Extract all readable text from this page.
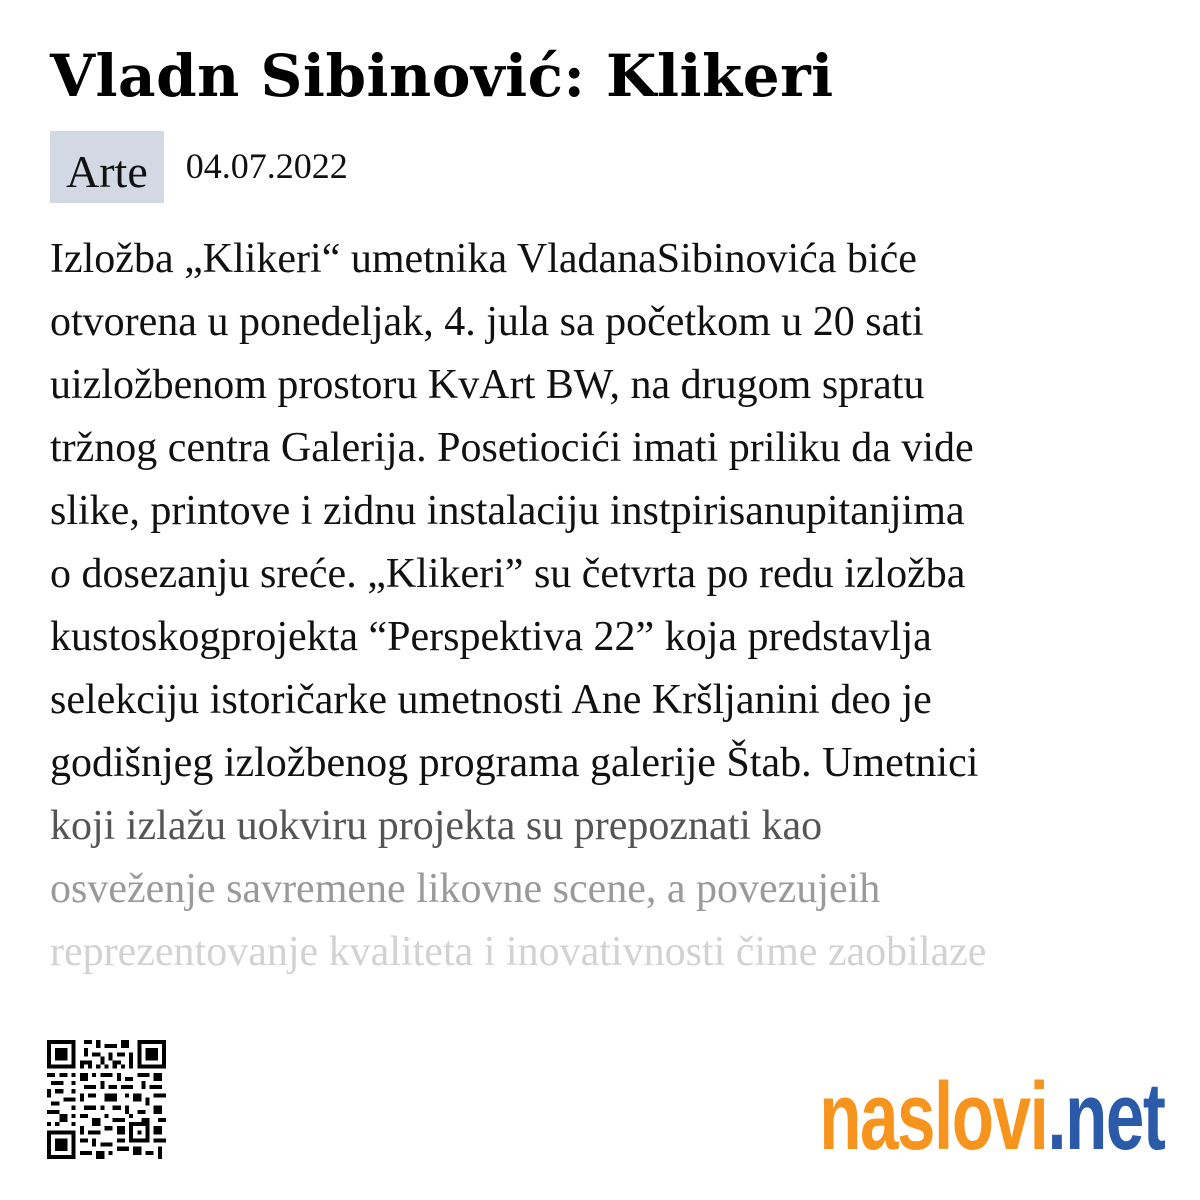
Vladn Sibinović: Klikeri
Arte	04.07.2022
Izložba „Klikeri“ umetnika VladanaSibinovića biće
otvorena u ponedeljak, 4. jula sa početkom u 20 sati
uizložbenom prostoru KvArt BW, na drugom spratu
tržnog centra Galerija. Posetiocići imati priliku da vide
slike, printove i zidnu instalaciju instpirisanupitanjima
o dosezanju sreće. „Klikeri” su četvrta po redu izložba
kustoskogprojekta “Perspektiva 22” koja predstavlja
selekciju istoričarke umetnosti Ane Kršljanini deo je
godišnjeg izložbenog programa galerije Štab. Umetnici
koji izlažu uokviru projekta su prepoznati kao
osveženje savremene likovne scene, a povezujeih
reprezentovanje kvaliteta i inovativnosti čime zaobilaze
naslovi.net
